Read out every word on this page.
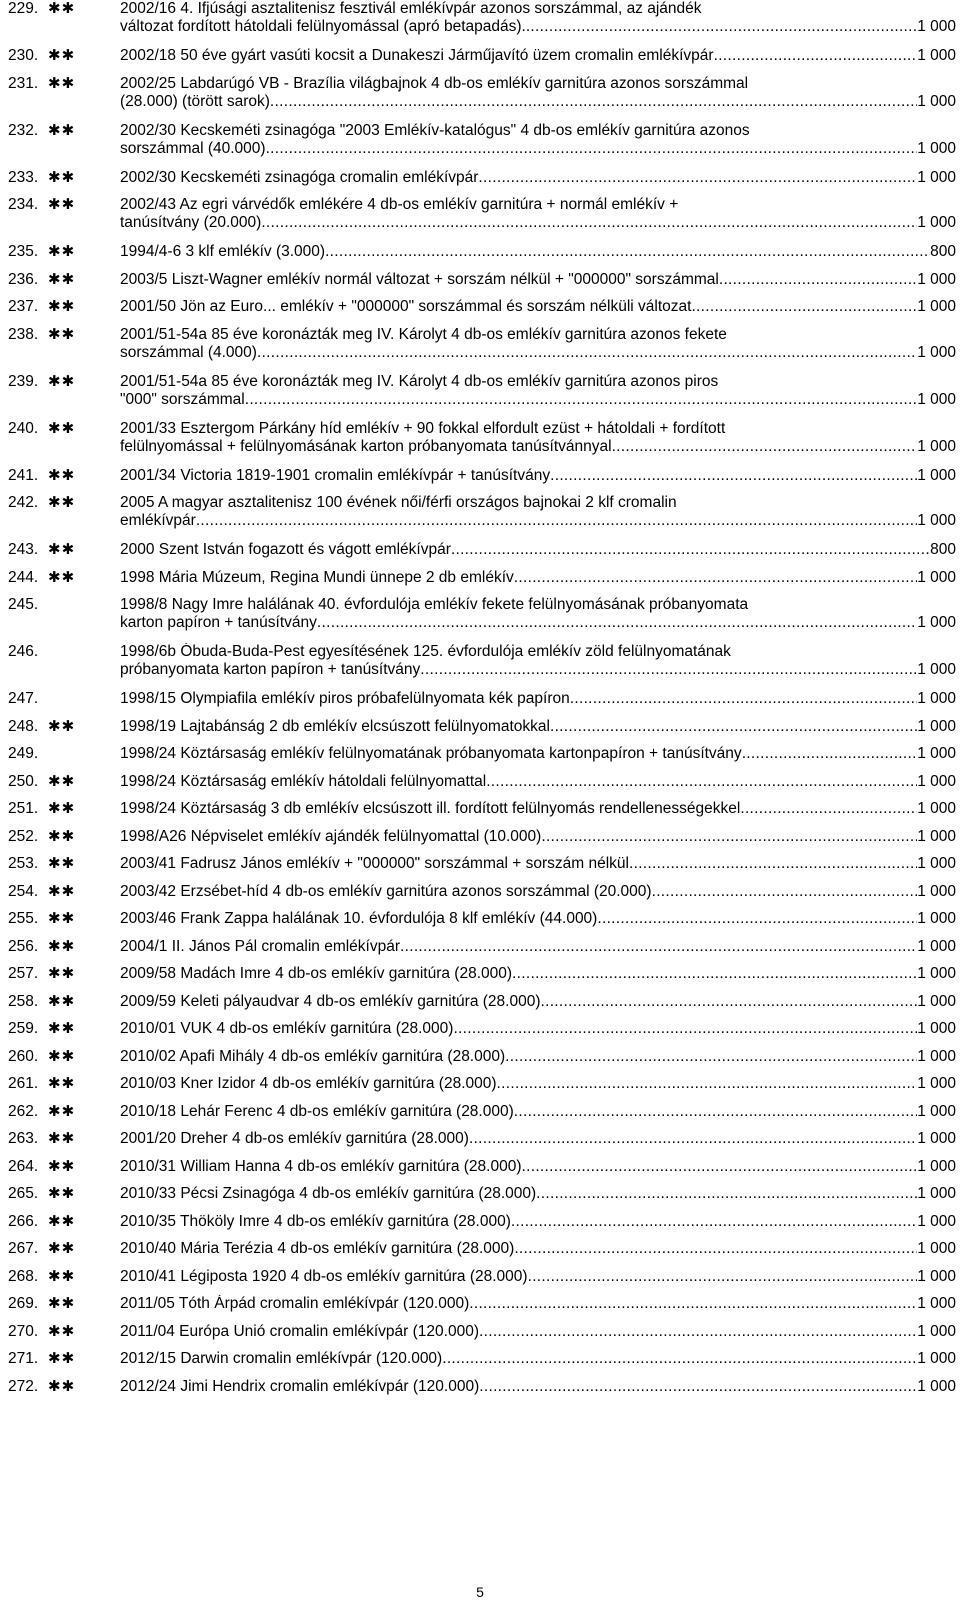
229. ✱✱	2002/16 4. Ifjúsági asztalitenisz fesztivál emlékívpár azonos sorszámmal, az ajándék
változat fordított hátoldali felülnyomással (apró betapadás). .....	1 000
230. ✱✱	2002/18 50 éve gyárt vasúti kocsit a Dunakeszi Járműjavító üzem cromalin emlékívpár .....	1 000
231. ✱✱	2002/25 Labdarúgó VB - Brazília világbajnok 4 db-os emlékív garnitúra azonos sorszámmal
(28.000) (törött sarok) .....	1 000
232. ✱✱	2002/30 Kecskeméti zsinagóga "2003 Emlékív-katalógus" 4 db-os emlékív garnitúra azonos
sorszámmal (40.000) .....	1 000
233. ✱✱	2002/30 Kecskeméti zsinagóga cromalin emlékívpár .....	1 000
234. ✱✱	2002/43 Az egri várvédők emlékére 4 db-os emlékív garnitúra + normál emlékív +
tanúsítvány (20.000) .....	1 000
235. ✱✱	1994/4-6 3 klf emlékív (3.000) .....	800
236. ✱✱	2003/5 Liszt-Wagner emlékív normál változat + sorszám nélkül + "000000" sorszámmal .....	1 000
237. ✱✱	2001/50 Jön az Euro... emlékív + "000000" sorszámmal és sorszám nélküli változat .....	1 000
238. ✱✱	2001/51-54a 85 éve koronázták meg IV. Károlyt 4 db-os emlékív garnitúra azonos fekete
sorszámmal (4.000) .....	1 000
239. ✱✱	2001/51-54a 85 éve koronázták meg IV. Károlyt 4 db-os emlékív garnitúra azonos piros
"000" sorszámmal .....	1 000
240. ✱✱	2001/33 Esztergom Párkány híd emlékív + 90 fokkal elfordult ezüst + hátoldali + fordított
felülnyomással + felülnyomásának karton próbanyomata tanúsítvánnyal .....	1 000
241. ✱✱	2001/34 Victoria 1819-1901 cromalin emlékívpár + tanúsítvány .....	1 000
242. ✱✱	2005 A magyar asztalitenisz 100 évének női/férfi országos bajnokai 2 klf cromalin
emlékívpár .....	1 000
243. ✱✱	2000 Szent István fogazott és vágott emlékívpár .....	800
244. ✱✱	1998 Mária Múzeum, Regina Mundi ünnepe 2 db emlékív .....	1 000
245.	1998/8 Nagy Imre halálának 40. évfordulója emlékív fekete felülnyomásának próbanyomata
karton papíron + tanúsítvány .....	1 000
246.	1998/6b Óbuda-Buda-Pest egyesítésének 125. évfordulója emlékív zöld felülnyomatának
próbanyomata karton papíron + tanúsítvány .....	1 000
247.	1998/15 Olympiafila emlékív piros próbafelülnyomata kék papíron .....	1 000
248. ✱✱	1998/19 Lajtabánság 2 db emlékív elcsúszott felülnyomatokkal .....	1 000
249.	1998/24 Köztársaság emlékív felülnyomatának próbanyomata kartonpapíron + tanúsítvány .....	1 000
250. ✱✱	1998/24 Köztársaság emlékív hátoldali felülnyomattal .....	1 000
251. ✱✱	1998/24 Köztársaság 3 db emlékív elcsúszott ill. fordított felülnyomás rendellenességekkel .....	1 000
252. ✱✱	1998/A26 Népviselet emlékív ajándék felülnyomattal (10.000) .....	1 000
253. ✱✱	2003/41 Fadrusz János emlékív + "000000" sorszámmal + sorszám nélkül .....	1 000
254. ✱✱	2003/42 Erzsébet-híd 4 db-os emlékív garnitúra azonos sorszámmal (20.000) .....	1 000
255. ✱✱	2003/46 Frank Zappa halálának 10. évfordulója 8 klf emlékív (44.000) .....	1 000
256. ✱✱	2004/1 II. János Pál cromalin emlékívpár .....	1 000
257. ✱✱	2009/58 Madách Imre 4 db-os emlékív garnitúra (28.000) .....	1 000
258. ✱✱	2009/59 Keleti pályaudvar 4 db-os emlékív garnitúra (28.000) .....	1 000
259. ✱✱	2010/01 VUK 4 db-os emlékív garnitúra (28.000) .....	1 000
260. ✱✱	2010/02 Apafi Mihály 4 db-os emlékív garnitúra (28.000) .....	1 000
261. ✱✱	2010/03 Kner Izidor 4 db-os emlékív garnitúra (28.000) .....	1 000
262. ✱✱	2010/18 Lehár Ferenc 4 db-os emlékív garnitúra (28.000) .....	1 000
263. ✱✱	2001/20 Dreher 4 db-os emlékív garnitúra (28.000) .....	1 000
264. ✱✱	2010/31 William Hanna 4 db-os emlékív garnitúra (28.000) .....	1 000
265. ✱✱	2010/33 Pécsi Zsinagóga 4 db-os emlékív garnitúra (28.000) .....	1 000
266. ✱✱	2010/35 Thököly Imre 4 db-os emlékív garnitúra (28.000) .....	1 000
267. ✱✱	2010/40 Mária Terézia 4 db-os emlékív garnitúra (28.000) .....	1 000
268. ✱✱	2010/41 Légiposta 1920 4 db-os emlékív garnitúra (28.000) .....	1 000
269. ✱✱	2011/05 Tóth Árpád cromalin emlékívpár (120.000) .....	1 000
270. ✱✱	2011/04 Európa Unió cromalin emlékívpár (120.000) .....	1 000
271. ✱✱	2012/15 Darwin cromalin emlékívpár (120.000) .....	1 000
272. ✱✱	2012/24 Jimi Hendrix cromalin emlékívpár (120.000) .....	1 000
5
